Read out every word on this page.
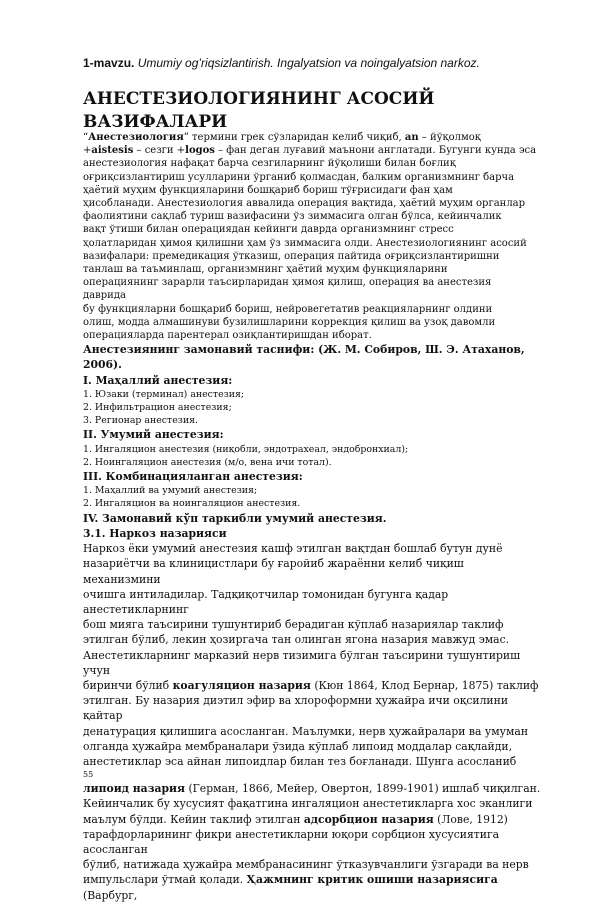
1-mavzu. Umumiy og’riqsizlantirish. Ingalyatsion va noingalyatsion narkoz.
АНЕСТЕЗИОЛОГИЯНИНГ АСОСИЙ
ВАЗИФАЛАРИ

“Анестезиология” термини грек сўзларидан келиб чиқиб, an – йўқолмоқ

+aistesis – сезги +logos – фан деган луғавий маънони англатади. Бугунги кунда эса

анестезиология нафақат барча сезгиларнинг йўқолиши билан боғлиқ

оғриқсизлантириш усулларини ўрганиб қолмасдан, балким организмнинг барча

ҳаётий муҳим функцияларини бошқариб бориш тўғрисидаги фан ҳам

ҳисобланади. Анестезиология аввалида операция вақтида, ҳаётий муҳим органлар

фаолиятини сақлаб туриш вазифасини ўз зиммасига олган бўлса, кейинчалик

вақт ўтиши билан операциядан кейинги даврда организмнинг стресс

ҳолатларидан ҳимоя қилишни ҳам ўз зиммасига олди. Анестезиологиянинг асосий

вазифалари: премедикация ўтказиш, операция пайтида оғриқсизлантиришни

танлаш ва таъминлаш, организмнинг ҳаётий муҳим функцияларини

операциянинг зарарли таъсирларидан ҳимоя қилиш, операция ва анестезия

даврида

бу функцияларни бошқариб бориш, нейровегетатив реакцияларнинг олдини

олиш, модда алмашинуви бузилишларини коррекция қилиш ва узоқ давомли

операцияларда парентерал озиқлантиришдан иборат.

Анестезиянинг замонавий таснифи: (Ж. М. Собиров, Ш. Э. Атаханов,

2006).

I. Маҳаллий анестезия:

1. Юзаки (терминал) анестезия;

2. Инфильтрацион анестезия;

3. Регионар анестезия.

II. Умумий анестезия:

1. Ингаляцион анестезия (ниқобли, эндотрахеал, эндобронхиал);

2. Ноингаляцион анестезия (м/о, вена ичи тотал).

III. Комбинацияланган анестезия:

1. Маҳаллий ва умумий анестезия;

2. Ингаляцион ва ноингаляцион анестезия.

IV. Замонавий кўп таркибли умумий анестезия.

3.1. Наркоз назарияси

Наркоз ёки умумий анестезия кашф этилган вақтдан бошлаб бутун дунё

назариётчи ва клиницистлари бу ғаройиб жараённи келиб чиқиш механизмини

очишга интиладилар. Тадқиқотчилар томонидан бугунга қадар анестетикларнинг

бош мияга таъсирини тушунтириб берадиган кўплаб назариялар таклиф

этилган бўлиб, лекин ҳозиргача тан олинган ягона назария мавжуд эмас.

Анестетикларнинг марказий нерв тизимига бўлган таъсирини тушунтириш учун

биринчи бўлиб коагуляцион назария (Кюн 1864, Клод Бернар, 1875) таклиф

этилган. Бу назария диэтил эфир ва хлороформни ҳужайра ичи оқсилини қайтар

денатурация қилишига асосланган. Маълумки, нерв ҳужайралари ва умуман

олганда ҳужайра мембраналари ўзида кўплаб липоид моддалар сақлайди,

анестетиклар эса айнан липоидлар билан тез боғланади. Шунга асосланиб

55

липоид назария (Герман, 1866, Мейер, Овертон, 1899-1901) ишлаб чиқилган.

Кейинчалик бу хусусият фақатгина ингаляцион анестетикларга хос эканлиги

маълум бўлди. Кейин таклиф этилган адсорбцион назария (Лове, 1912)

тарафдорларининг фикри анестетикларни юқори сорбцион хусусиятига

асосланган

бўлиб, натижада ҳужайра мембранасининг ўтказувчанлиги ўзгаради ва нерв

импульслари ўтмай қолади. Ҳажмнинг критик ошиши назариясига (Варбург,
